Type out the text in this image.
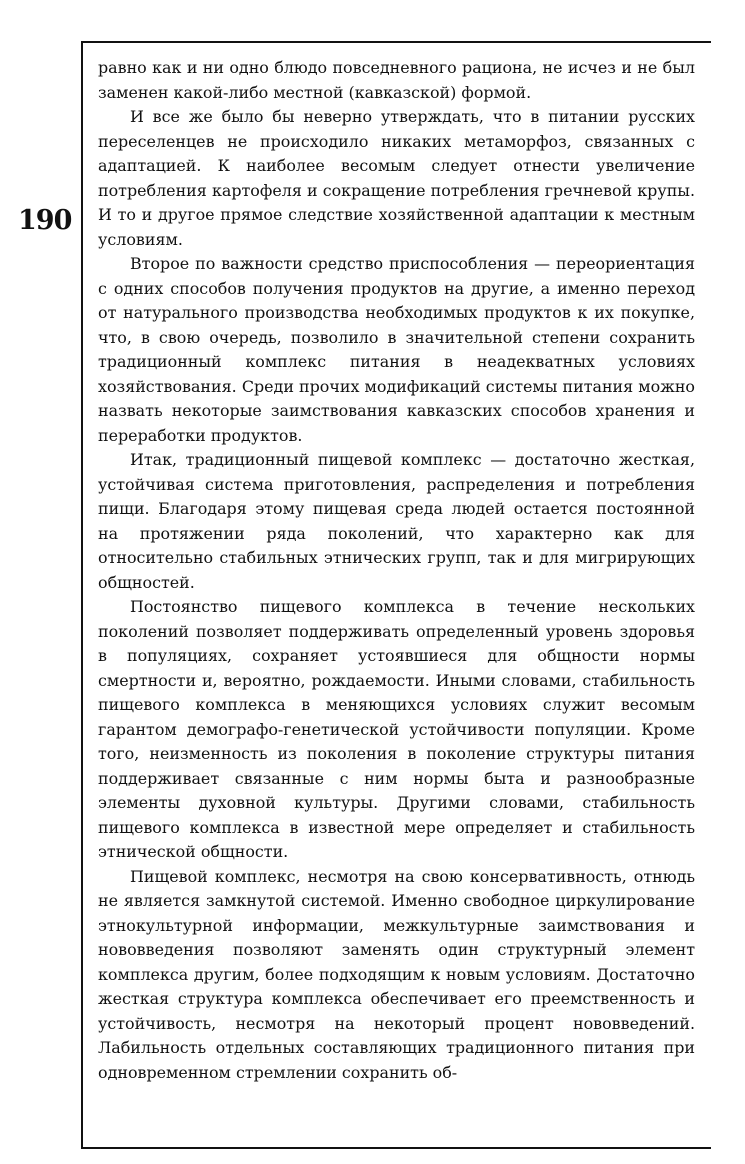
190

равно как и ни одно блюдо повседневного рациона, не исчез и не был заменен какой-либо местной (кавказской) формой.

И все же было бы неверно утверждать, что в питании русских переселенцев не происходило никаких метаморфоз, связанных с адаптацией. К наиболее весомым следует отнести увеличение потребления картофеля и сокращение потребления гречневой крупы. И то и другое прямое следствие хозяйственной адаптации к местным условиям.

Второе по важности средство приспособления — переориентация с одних способов получения продуктов на другие, а именно переход от натурального производства необходимых продуктов к их покупке, что, в свою очередь, позволило в значительной степени сохранить традиционный комплекс питания в неадекватных условиях хозяйствования. Среди прочих модификаций системы питания можно назвать некоторые заимствования кавказских способов хранения и переработки продуктов.

Итак, традиционный пищевой комплекс — достаточно жесткая, устойчивая система приготовления, распределения и потребления пищи. Благодаря этому пищевая среда людей остается постоянной на протяжении ряда поколений, что характерно как для относительно стабильных этнических групп, так и для мигрирующих общностей.

Постоянство пищевого комплекса в течение нескольких поколений позволяет поддерживать определенный уровень здоровья в популяциях, сохраняет устоявшиеся для общности нормы смертности и, вероятно, рождаемости. Иными словами, стабильность пищевого комплекса в меняющихся условиях служит весомым гарантом демографо-генетической устойчивости популяции. Кроме того, неизменность из поколения в поколение структуры питания поддерживает связанные с ним нормы быта и разнообразные элементы духовной культуры. Другими словами, стабильность пищевого комплекса в известной мере определяет и стабильность этнической общности.

Пищевой комплекс, несмотря на свою консервативность, отнюдь не является замкнутой системой. Именно свободное циркулирование этнокультурной информации, межкультурные заимствования и нововведения позволяют заменять один структурный элемент комплекса другим, более подходящим к новым условиям. Достаточно жесткая структура комплекса обеспечивает его преемственность и устойчивость, несмотря на некоторый процент нововведений. Лабильность отдельных составляющих традиционного питания при одновременном стремлении сохранить об-
